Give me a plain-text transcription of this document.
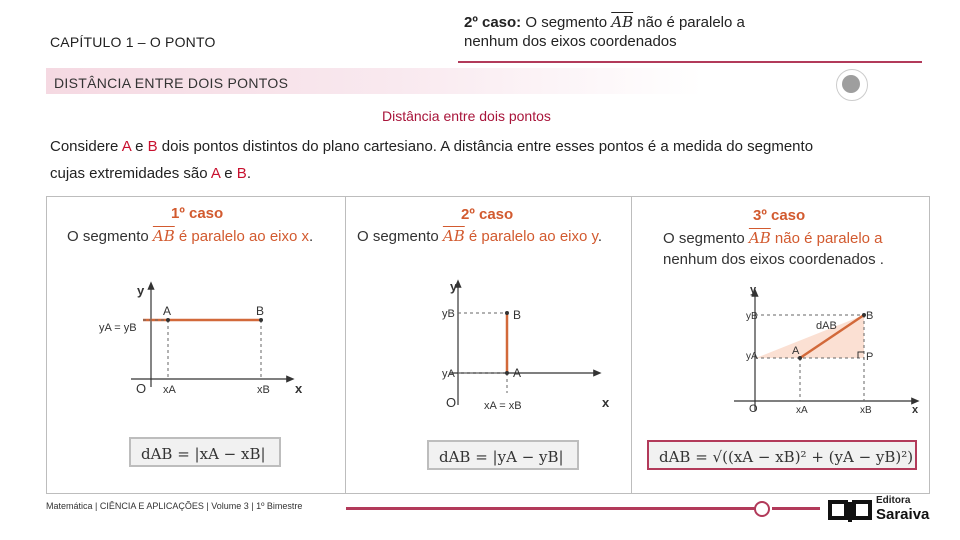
CAPÍTULO 1 – O PONTO
2º caso: O segmento $\overline{AB}$ não é paralelo a
nenhum dos eixos coordenados
DISTÂNCIA ENTRE DOIS PONTOS
Distância entre dois pontos
Considere A e B dois pontos distintos do plano cartesiano. A distância entre esses pontos é a medida do segmento
cujas extremidades são A e B.
1º caso
O segmento $\overline{AB}$ é paralelo ao eixo x.
y
x
O
yA = yB
A	B
xA	xB
dAB = |xA − xB|
2º caso
O segmento $\overline{AB}$ é paralelo ao eixo y.
y
x
O
yB
yA
B
A
xA = xB
dAB = |yA − yB|
3º caso
O segmento $\overline{AB}$ não é paralelo a
nenhum dos eixos coordenados .
y
x
O
yB
yA	A
B
P
dAB
xA	xB
dAB = √((xA − xB)² + (yA − yB)²)
Matemática | CIÊNCIA E APLICAÇÕES | Volume 3 | 1º Bimestre	Editora
Saraiva
